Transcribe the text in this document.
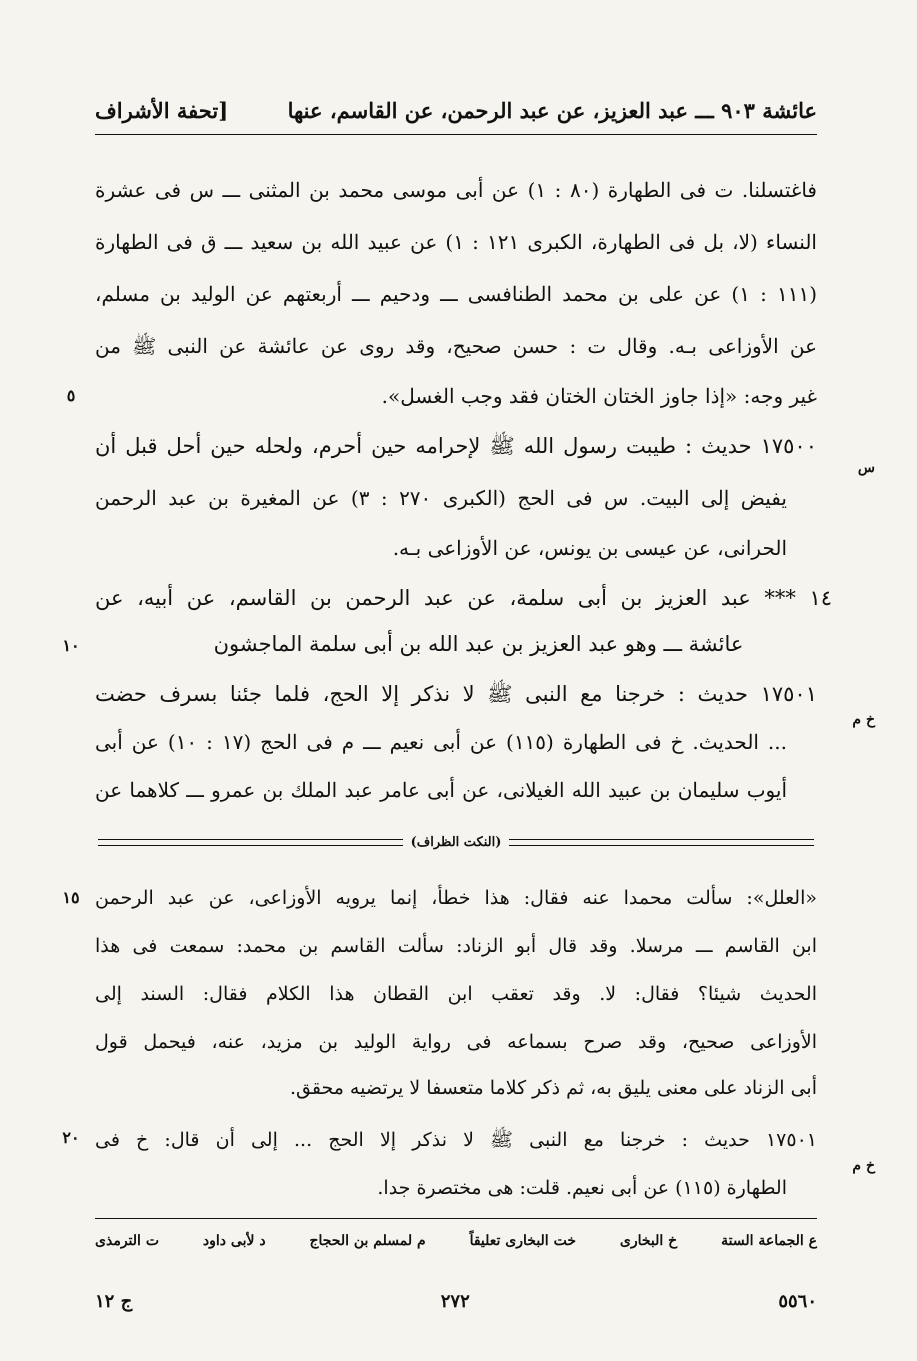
[تحفة الأشراف	عائشة ٩٠٣ ـــ عبد العزيز، عن عبد الرحمن، عن القاسم، عنها
فاغتسلنا. ت فى الطهارة (٨٠ : ١) عن أبى موسى محمد بن المثنى ـــ س فى عشرة
النساء (لا، بل فى الطهارة، الكبرى ١٢١ : ١) عن عبيد الله بن سعيد ـــ ق فى الطهارة
(١١١ : ١) عن على بن محمد الطنافسى ـــ ودحيم ـــ أربعتهم عن الوليد بن مسلم،
عن الأوزاعى بـه. وقال ت : حسن صحيح، وقد روى عن عائشة عن النبى ﷺ من
غير وجه: «إذا جاوز الختان الختان فقد وجب الغسل».
٥
١٧٥٠٠ حديث : طيبت رسول الله ﷺ لإحرامه حين أحرم، ولحله حين أحل قبل أن
س
يفيض إلى البيت. س فى الحج (الكبرى ٢٧٠ : ٣) عن المغيرة بن عبد الرحمن
الحرانى، عن عيسى بن يونس، عن الأوزاعى بـه.
١٤ *** عبد العزيز بن أبى سلمة، عن عبد الرحمن بن القاسم، عن أبيه، عن
عائشة ـــ وهو عبد العزيز بن عبد الله بن أبى سلمة الماجشون
١٠
١٧٥٠١ حديث : خرجنا مع النبى ﷺ لا نذكر إلا الحج، فلما جئنا بسرف حضت
خ م
... الحديث. خ فى الطهارة (١١٥) عن أبى نعيم ـــ م فى الحج (١٧ : ١٠) عن أبى
أيوب سليمان بن عبيد الله الغيلانى، عن أبى عامر عبد الملك بن عمرو ـــ كلاهما عن
(النكت الظراف)
«العلل»: سألت محمدا عنه فقال: هذا خطأ، إنما يرويه الأوزاعى، عن عبد الرحمن
١٥
ابن القاسم ـــ مرسلا. وقد قال أبو الزناد: سألت القاسم بن محمد: سمعت فى هذا
الحديث شيئا؟ فقال: لا. وقد تعقب ابن القطان هذا الكلام فقال: السند إلى
الأوزاعى صحيح، وقد صرح بسماعه فى رواية الوليد بن مزيد، عنه، فيحمل قول
أبى الزناد على معنى يليق به، ثم ذكر كلاما متعسفا لا يرتضيه محقق.
١٧٥٠١ حديث : خرجنا مع النبى ﷺ لا نذكر إلا الحج ... إلى أن قال: خ فى
٢٠
خ م
الطهارة (١١٥) عن أبى نعيم. قلت: هى مختصرة جدا.
ع الجماعة الستة
خ البخارى
خت البخارى تعليقاً
م لمسلم بن الحجاج
د لأبى داود
ت الترمذى
ج ١٢	٢٧٢	٥٥٦٠
